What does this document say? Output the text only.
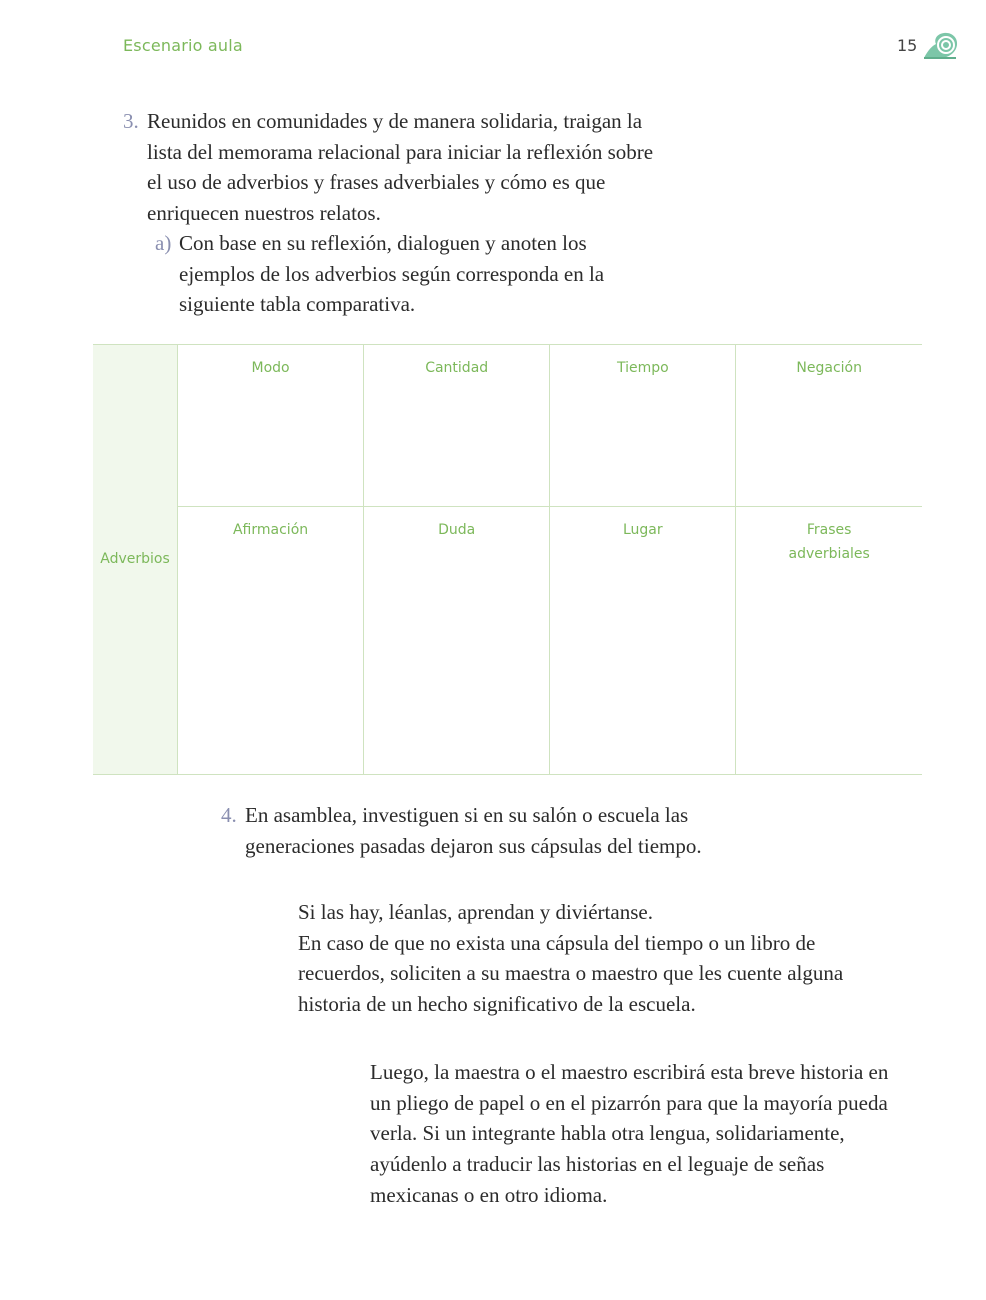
Escenario aula	15
3. Reunidos en comunidades y de manera solidaria, traigan la lista del memorama relacional para iniciar la reflexión sobre el uso de adverbios y frases adverbiales y cómo es que enriquecen nuestros relatos.
a) Con base en su reflexión, dialoguen y anoten los ejemplos de los adverbios según corresponda en la siguiente tabla comparativa.
Adverbios	Modo	Cantidad	Tiempo	Negación
	Afirmación	Duda	Lugar	Frases adverbiales
4. En asamblea, investiguen si en su salón o escuela las generaciones pasadas dejaron sus cápsulas del tiempo.
Si las hay, léanlas, aprendan y diviértanse.
En caso de que no exista una cápsula del tiempo o un libro de recuerdos, soliciten a su maestra o maestro que les cuente alguna historia de un hecho significativo de la escuela.
Luego, la maestra o el maestro escribirá esta breve historia en un pliego de papel o en el pizarrón para que la mayoría pueda verla. Si un integrante habla otra lengua, solidariamente, ayúdenlo a traducir las historias en el leguaje de señas mexicanas o en otro idioma.
